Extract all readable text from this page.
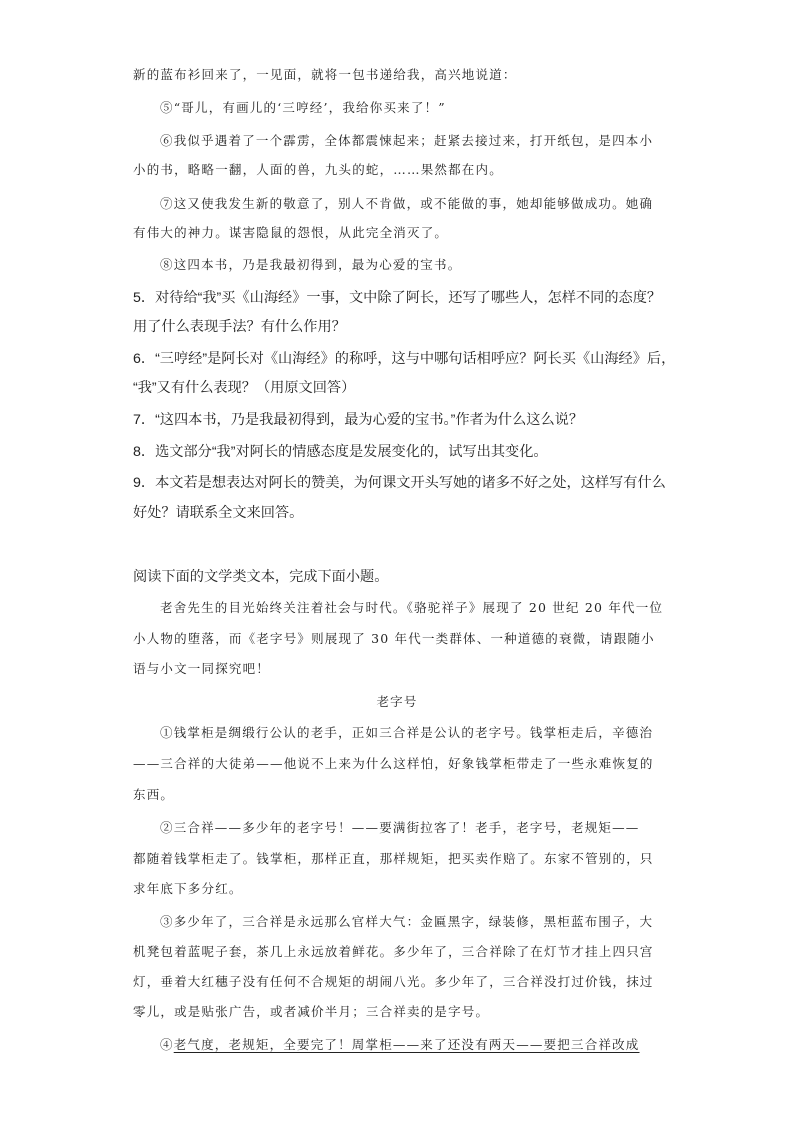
新的蓝布衫回来了，一见面，就将一包书递给我，高兴地说道：
⑤“哥儿，有画儿的‘三哼经’，我给你买来了！”
⑥我似乎遇着了一个霹雳，全体都震悚起来；赶紧去接过来，打开纸包，是四本小
小的书，略略一翻，人面的兽，九头的蛇，……果然都在内。
⑦这又使我发生新的敬意了，别人不肯做，或不能做的事，她却能够做成功。她确
有伟大的神力。谋害隐鼠的怨恨，从此完全消灭了。
⑧这四本书，乃是我最初得到，最为心爱的宝书。
5．对待给“我”买《山海经》一事，文中除了阿长，还写了哪些人，怎样不同的态度？
用了什么表现手法？有什么作用？
6．“三哼经”是阿长对《山海经》的称呼，这与中哪句话相呼应？阿长买《山海经》后，
“我”又有什么表现？（用原文回答）
7．“这四本书，乃是我最初得到，最为心爱的宝书。”作者为什么这么说？
8．选文部分“我”对阿长的情感态度是发展变化的，试写出其变化。
9．本文若是想表达对阿长的赞美，为何课文开头写她的诸多不好之处，这样写有什么
好处？请联系全文来回答。
阅读下面的文学类文本，完成下面小题。
老舍先生的目光始终关注着社会与时代。《骆驼祥子》展现了 20 世纪 20 年代一位
小人物的堕落，而《老字号》则展现了 30 年代一类群体、一种道德的衰微，请跟随小
语与小文一同探究吧！
老字号
①钱掌柜是绸缎行公认的老手，正如三合祥是公认的老字号。钱掌柜走后，辛德治
——三合祥的大徒弟——他说不上来为什么这样怕，好象钱掌柜带走了一些永难恢复的
东西。
②三合祥——多少年的老字号！——要满街拉客了！老手，老字号，老规矩——
都随着钱掌柜走了。钱掌柜，那样正直，那样规矩，把买卖作赔了。东家不管别的，只
求年底下多分红。
③多少年了，三合祥是永远那么官样大气：金匾黑字，绿装修，黑柜蓝布围子，大
机凳包着蓝呢子套，茶几上永远放着鲜花。多少年了，三合祥除了在灯节才挂上四只宫
灯，垂着大红穗子没有任何不合规矩的胡闹八光。多少年了，三合祥没打过价钱，抹过
零儿，或是贴张广告，或者减价半月；三合祥卖的是字号。
④老气度，老规矩，全要完了！周掌柜——来了还没有两天——要把三合祥改成
